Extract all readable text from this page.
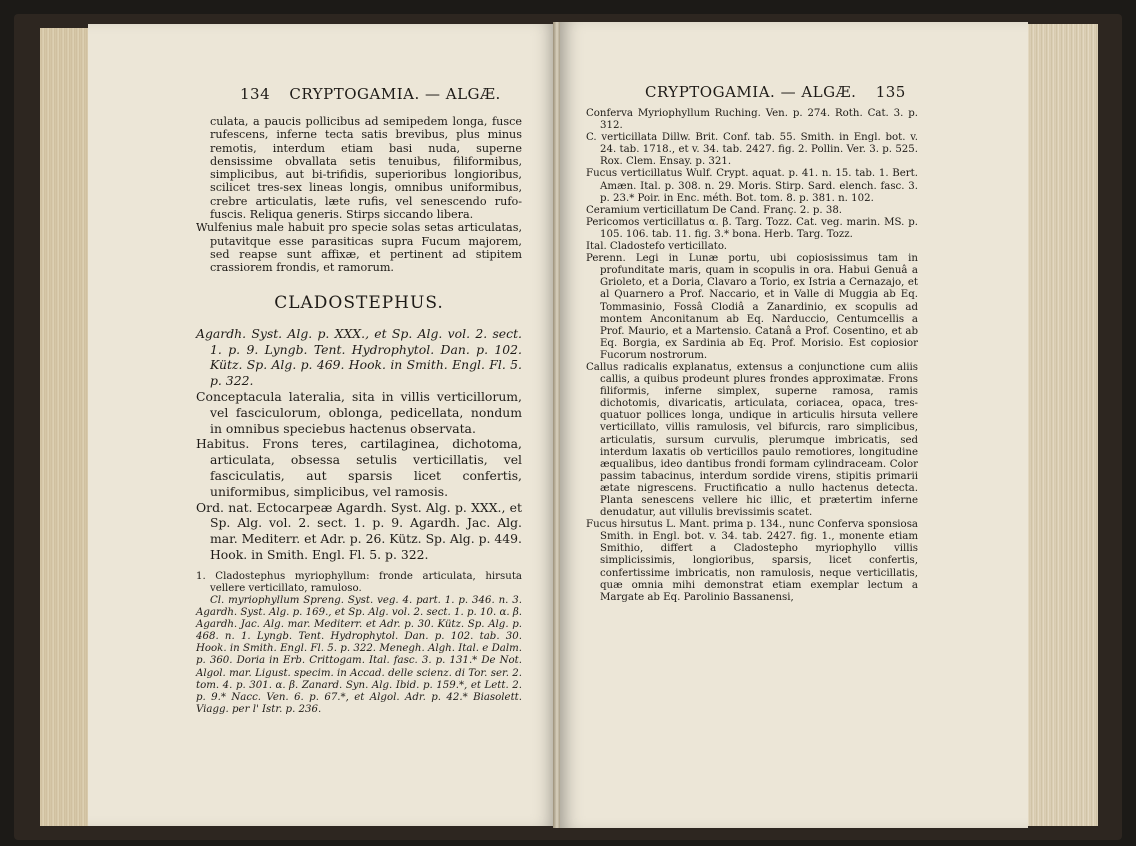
134 CRYPTOGAMIA. — ALGÆ.

culata, a paucis pollicibus ad semipedem longa, fusce rufescens, inferne tecta satis brevibus, plus minus remotis, interdum etiam basi nuda, superne densissime obvallata setis tenuibus, filiformibus, simplicibus, aut bi-trifidis, superioribus longioribus, scilicet tres-sex lineas longis, omnibus uniformibus, crebre articulatis, læte rufis, vel senescendo rufo-fuscis. Reliqua generis. Stirps siccando libera.

Wulfenius male habuit pro specie solas setas articulatas, putavitque esse parasiticas supra Fucum majorem, sed reapse sunt affixæ, et pertinent ad stipitem crassiorem frondis, et ramorum.

CLADOSTEPHUS.

Agardh. Syst. Alg. p. XXX., et Sp. Alg. vol. 2. sect. 1. p. 9. Lyngb. Tent. Hydrophytol. Dan. p. 102. Kütz. Sp. Alg. p. 469. Hook. in Smith. Engl. Fl. 5. p. 322.

Conceptacula lateralia, sita in villis verticillorum, vel fasciculorum, oblonga, pedicellata, nondum in omnibus speciebus hactenus observata.

Habitus. Frons teres, cartilaginea, dichotoma, articulata, obsessa setulis verticillatis, vel fasciculatis, aut sparsis licet confertis, uniformibus, simplicibus, vel ramosis.

Ord. nat. Ectocarpeæ Agardh. Syst. Alg. p. XXX., et Sp. Alg. vol. 2. sect. 1. p. 9. Agardh. Jac. Alg. mar. Mediterr. et Adr. p. 26. Kütz. Sp. Alg. p. 449. Hook. in Smith. Engl. Fl. 5. p. 322.

1. Cladostephus myriophyllum: fronde articulata, hirsuta vellere verticillato, ramuloso.

Cl. myriophyllum Spreng. Syst. veg. 4. part. 1. p. 346. n. 3. Agardh. Syst. Alg. p. 169., et Sp. Alg. vol. 2. sect. 1. p. 10. α. β. Agardh. Jac. Alg. mar. Mediterr. et Adr. p. 30. Kütz. Sp. Alg. p. 468. n. 1. Lyngb. Tent. Hydrophytol. Dan. p. 102. tab. 30. Hook. in Smith. Engl. Fl. 5. p. 322. Menegh. Algh. Ital. e Dalm. p. 360. Doria in Erb. Crittogam. Ital. fasc. 3. p. 131.* De Not. Algol. mar. Ligust. specim. in Accad. delle scienz. di Tor. ser. 2. tom. 4. p. 301. α. β. Zanard. Syn. Alg. Ibid. p. 159.*, et Lett. 2. p. 9.* Nacc. Ven. 6. p. 67.*, et Algol. Adr. p. 42.* Biasolett. Viagg. per l' Istr. p. 236.

CRYPTOGAMIA. — ALGÆ. 135

Conferva Myriophyllum Ruching. Ven. p. 274. Roth. Cat. 3. p. 312.

C. verticillata Dillw. Brit. Conf. tab. 55. Smith. in Engl. bot. v. 24. tab. 1718., et v. 34. tab. 2427. fig. 2. Pollin. Ver. 3. p. 525. Rox. Clem. Ensay. p. 321.

Fucus verticillatus Wulf. Crypt. aquat. p. 41. n. 15. tab. 1. Bert. Amæn. Ital. p. 308. n. 29. Moris. Stirp. Sard. elench. fasc. 3. p. 23.* Poir. in Enc. méth. Bot. tom. 8. p. 381. n. 102.

Ceramium verticillatum De Cand. Franç. 2. p. 38.

Pericomos verticillatus α. β. Targ. Tozz. Cat. veg. marin. MS. p. 105. 106. tab. 11. fig. 3.* bona. Herb. Targ. Tozz.

Ital. Cladostefo verticillato.

Perenn. Legi in Lunæ portu, ubi copiosissimus tam in profunditate maris, quam in scopulis in ora. Habui Genuâ a Grioleto, et a Doria, Clavaro a Torio, ex Istria a Cernazajo, et al Quarnero a Prof. Naccario, et in Valle di Muggia ab Eq. Tommasinio, Fossâ Clodiâ a Zanardinio, ex scopulis ad montem Anconitanum ab Eq. Narduccio, Centumcellis a Prof. Maurio, et a Martensio. Catanâ a Prof. Cosentino, et ab Eq. Borgia, ex Sardinia ab Eq. Prof. Morisio. Est copiosior Fucorum nostrorum.

Callus radicalis explanatus, extensus a conjunctione cum aliis callis, a quibus prodeunt plures frondes approximatæ. Frons filiformis, inferne simplex, superne ramosa, ramis dichotomis, divaricatis, articulata, coriacea, opaca, tres-quatuor pollices longa, undique in articulis hirsuta vellere verticillato, villis ramulosis, vel bifurcis, raro simplicibus, articulatis, sursum curvulis, plerumque imbricatis, sed interdum laxatis ob verticillos paulo remotiores, longitudine æqualibus, ideo dantibus frondi formam cylindraceam. Color passim tabacinus, interdum sordide virens, stipitis primarii ætate nigrescens. Fructificatio a nullo hactenus detecta. Planta senescens vellere hic illic, et prætertim inferne denudatur, aut villulis brevissimis scatet.

Fucus hirsutus L. Mant. prima p. 134., nunc Conferva sponsiosa Smith. in Engl. bot. v. 34. tab. 2427. fig. 1., monente etiam Smithio, differt a Cladostepho myriophyllo villis simplicissimis, longioribus, sparsis, licet confertis, confertissime imbricatis, non ramulosis, neque verticillatis, quæ omnia mihi demonstrat etiam exemplar lectum a Margate ab Eq. Parolinio Bassanensi,
